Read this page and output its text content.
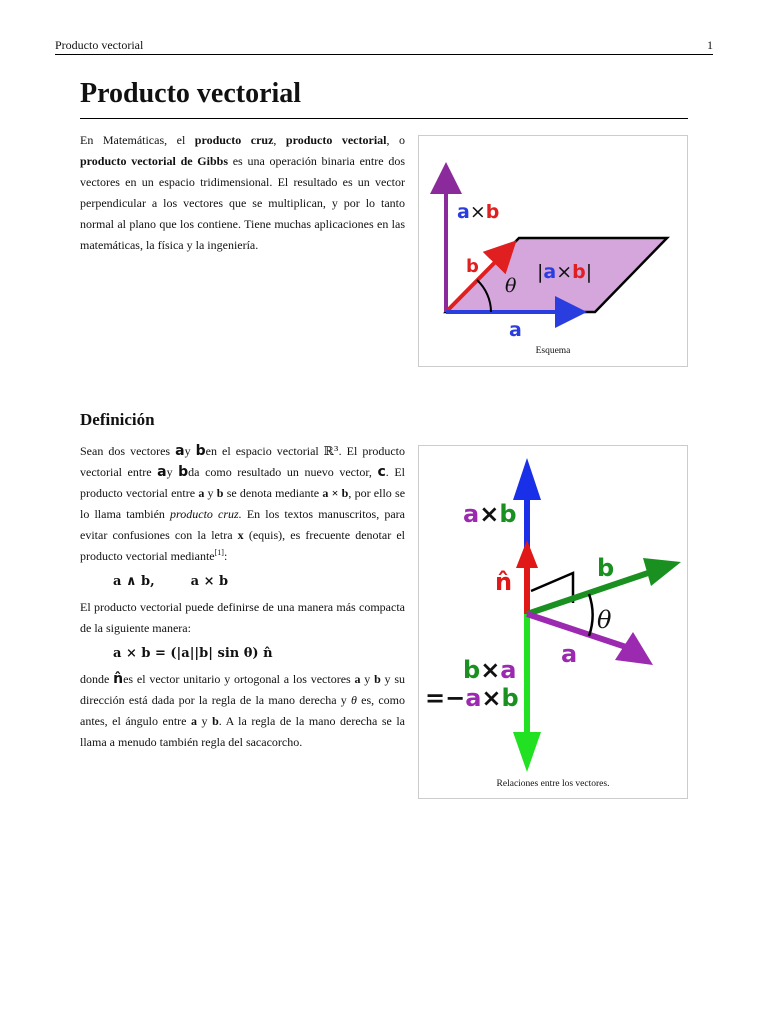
Producto vectorial	1
Producto vectorial

En Matemáticas, el producto cruz, producto vectorial, o producto vectorial de Gibbs es una operación binaria entre dos vectores en un espacio tridimensional. El resultado es un vector perpendicular a los vectores que se multiplican, y por lo tanto normal al plano que los contiene. Tiene muchas aplicaciones en las matemáticas, la física y la ingeniería.

a×b
b
θ
|a×b|
a
Esquema
Definición

Sean dos vectores ay ben el espacio vectorial ℝ³. El producto vectorial entre ay bda como resultado un nuevo vector, c. El producto vectorial entre a y b se denota mediante a × b, por ello se lo llama también producto cruz. En los textos manuscritos, para evitar confusiones con la letra x (equis), es frecuente denotar el producto vectorial mediante[1]:

a ∧ b,	a × b

El producto vectorial puede definirse de una manera más compacta de la siguiente manera:

a × b = (|a||b| sin θ) n̂

donde n̂es el vector unitario y ortogonal a los vectores a y b y su dirección está dada por la regla de la mano derecha y θ es, como antes, el ángulo entre a y b. A la regla de la mano derecha se la llama a menudo también regla del sacacorcho.

a×b
n̂	b
θ
a
b×a
=−a×b
Relaciones entre los vectores.
